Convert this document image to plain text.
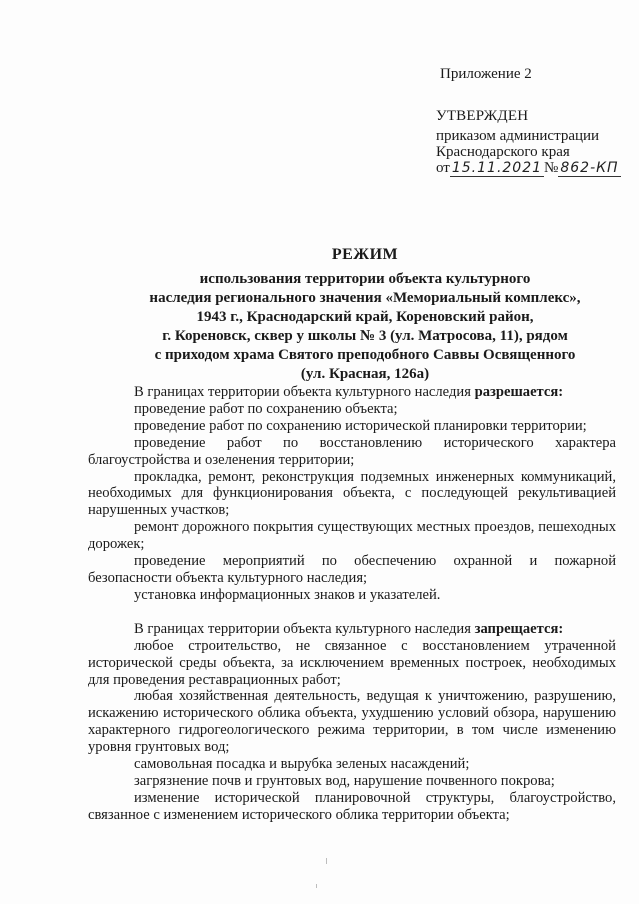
Приложение 2
УТВЕРЖДЕН
приказом администрации
Краснодарского края
от 15.11.2021 № 862-КП
РЕЖИМ
использования территории объекта культурного
наследия регионального значения «Мемориальный комплекс»,
1943 г., Краснодарский край, Кореновский район,
г. Кореновск, сквер у школы № 3 (ул. Матросова, 11), рядом
с приходом храма Святого преподобного Саввы Освященного
(ул. Красная, 126а)

В границах территории объекта культурного наследия разрешается:

проведение работ по сохранению объекта;

проведение работ по сохранению исторической планировки территории;

проведение работ по восстановлению исторического характера благоустройства и озеленения территории;

прокладка, ремонт, реконструкция подземных инженерных коммуникаций, необходимых для функционирования объекта, с последующей рекультивацией нарушенных участков;

ремонт дорожного покрытия существующих местных проездов, пешеходных дорожек;

проведение мероприятий по обеспечению охранной и пожарной безопасности объекта культурного наследия;

установка информационных знаков и указателей.

В границах территории объекта культурного наследия запрещается:

любое строительство, не связанное с восстановлением утраченной исторической среды объекта, за исключением временных построек, необходимых для проведения реставрационных работ;

любая хозяйственная деятельность, ведущая к уничтожению, разрушению, искажению исторического облика объекта, ухудшению условий обзора, нарушению характерного гидрогеологического режима территории, в том числе изменению уровня грунтовых вод;

самовольная посадка и вырубка зеленых насаждений;

загрязнение почв и грунтовых вод, нарушение почвенного покрова;

изменение исторической планировочной структуры, благоустройство, связанное с изменением исторического облика территории объекта;
